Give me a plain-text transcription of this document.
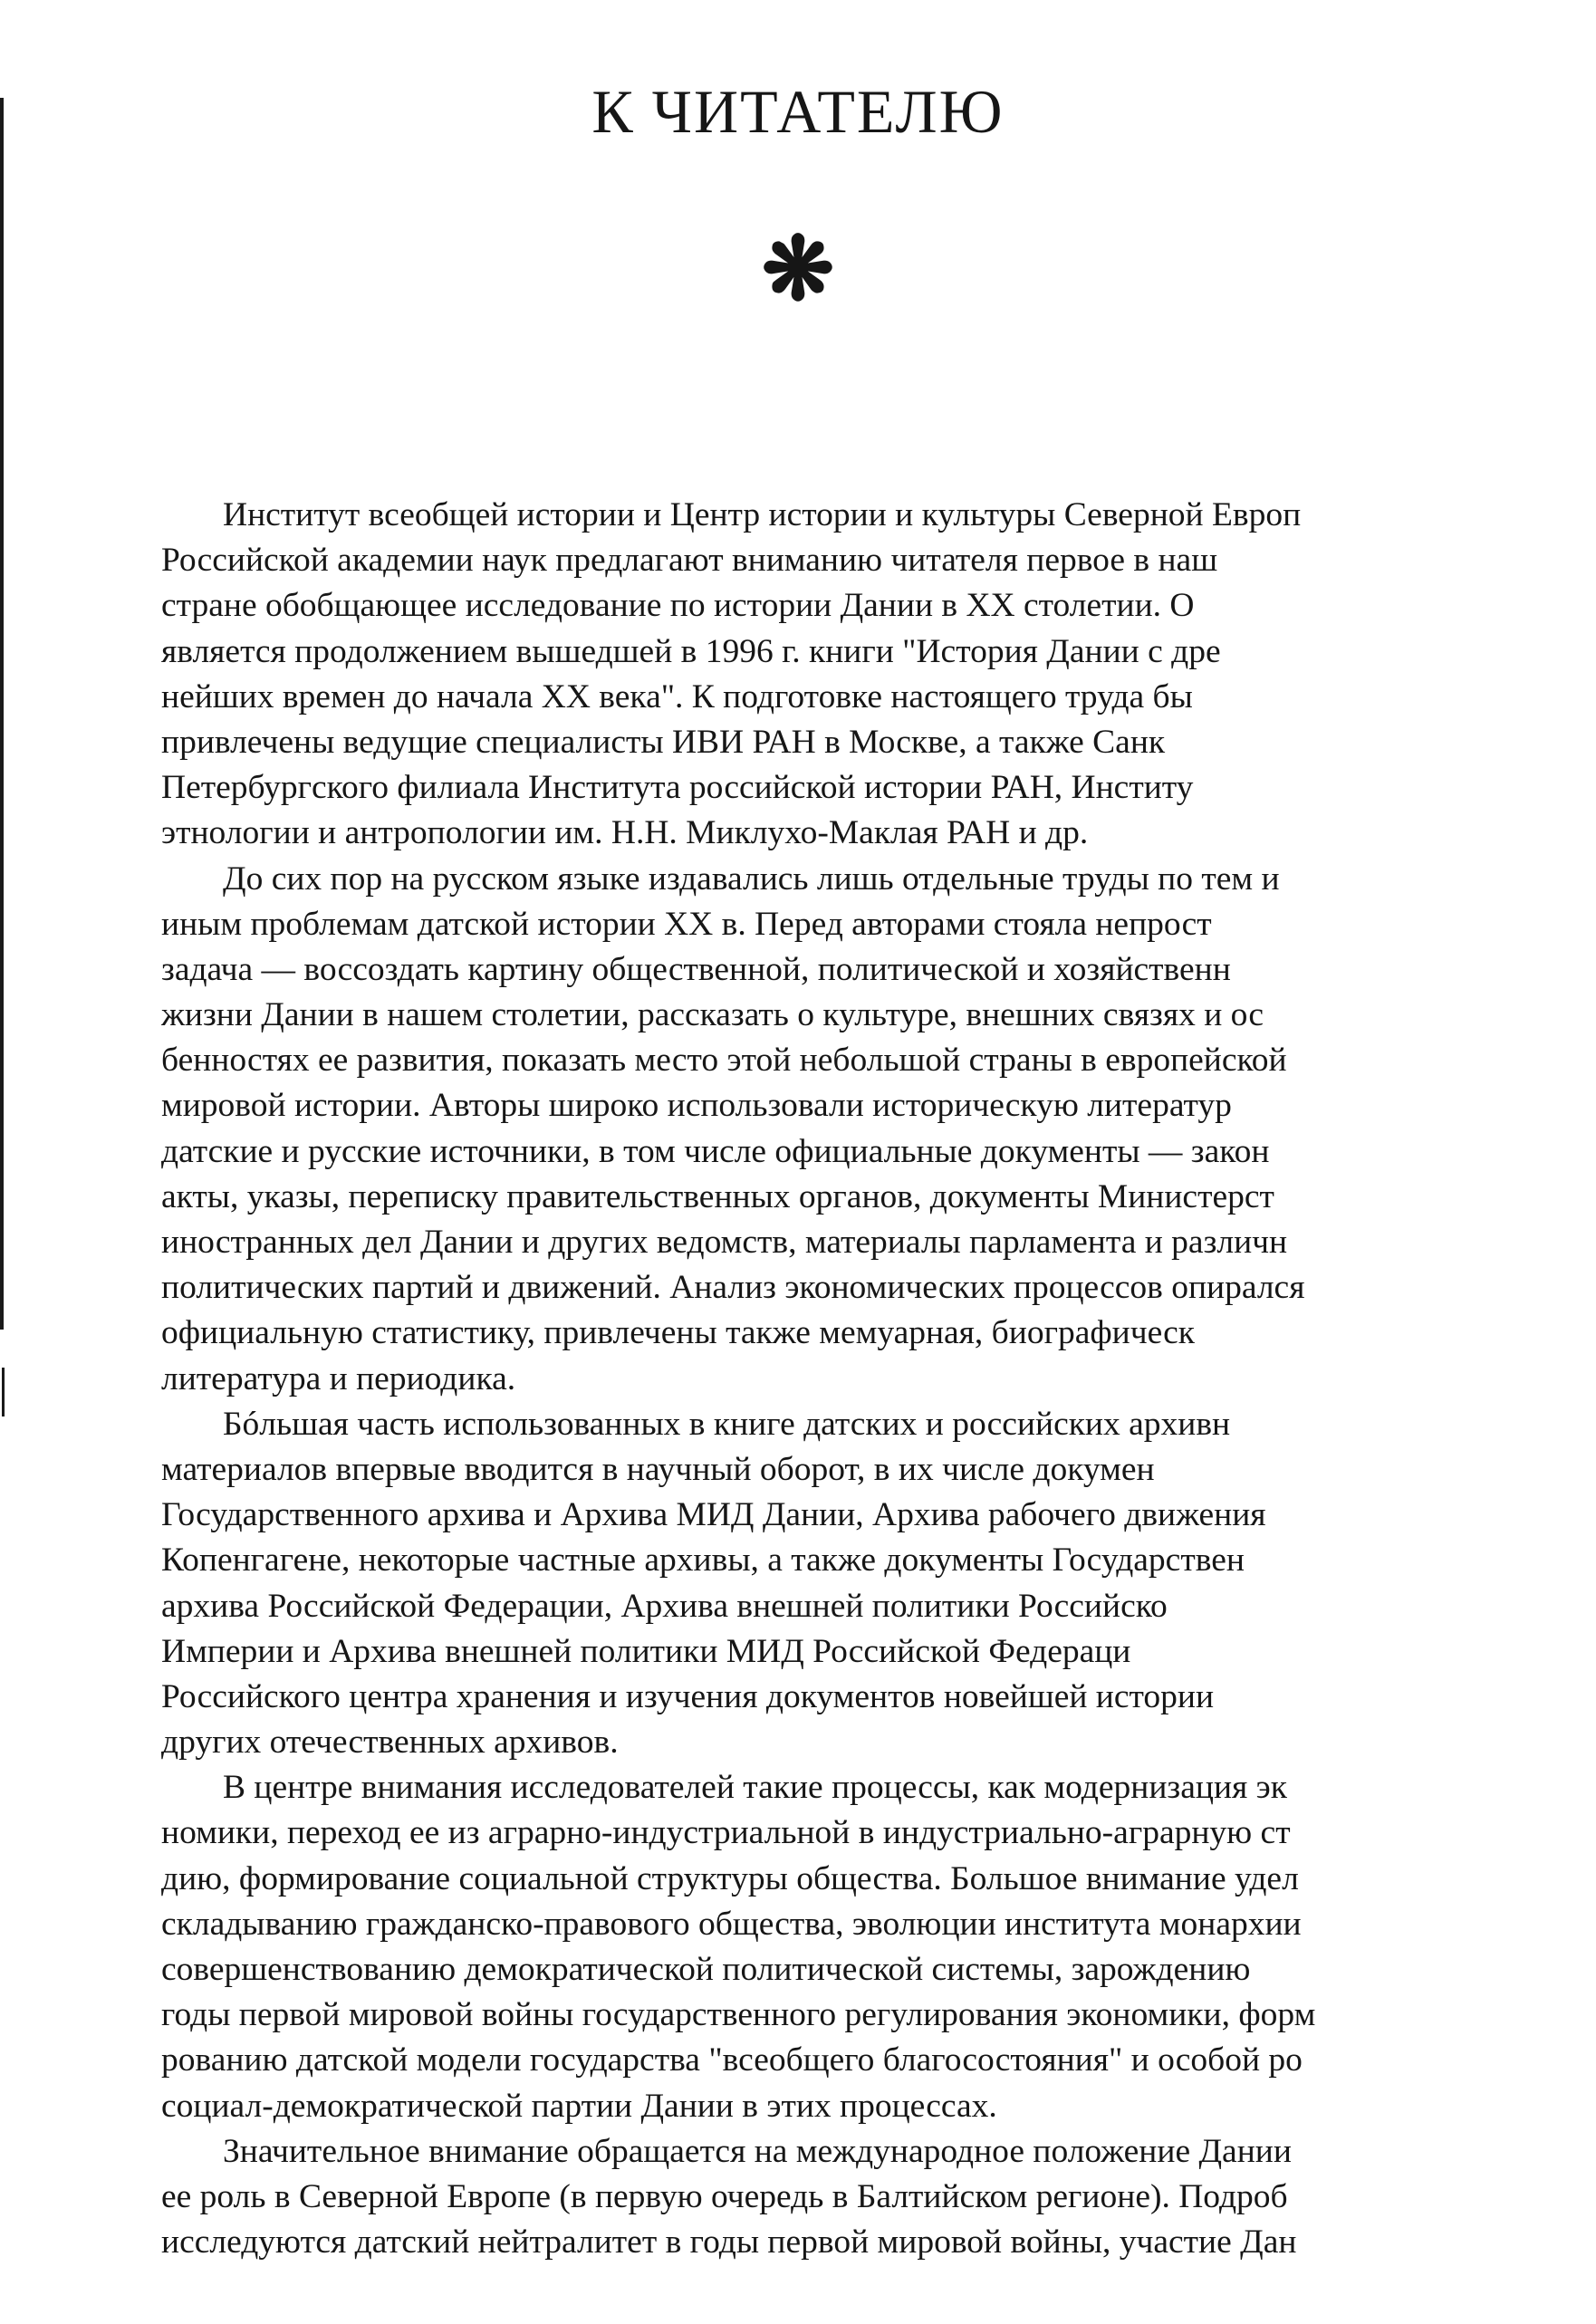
К ЧИТАТЕЛЮ
❋
Институт всеобщей истории и Центр истории и культуры Северной Европ
Российской академии наук предлагают вниманию читателя первое в наш
стране обобщающее исследование по истории Дании в XX столетии. О
является продолжением вышедшей в 1996 г. книги "История Дании с дре
нейших времен до начала XX века". К подготовке настоящего труда бы
привлечены ведущие специалисты ИВИ РАН в Москве, а также Санк
Петербургского филиала Института российской истории РАН, Институ
этнологии и антропологии им. Н.Н. Миклухо-Маклая РАН и др.
До сих пор на русском языке издавались лишь отдельные труды по тем и
иным проблемам датской истории XX в. Перед авторами стояла непрост
задача — воссоздать картину общественной, политической и хозяйственн
жизни Дании в нашем столетии, рассказать о культуре, внешних связях и ос
бенностях ее развития, показать место этой небольшой страны в европейской
мировой истории. Авторы широко использовали историческую литератур
датские и русские источники, в том числе официальные документы — закон
акты, указы, переписку правительственных органов, документы Министерст
иностранных дел Дании и других ведомств, материалы парламента и различн
политических партий и движений. Анализ экономических процессов опирался
официальную статистику, привлечены также мемуарная, биографическ
литература и периодика.
Бóльшая часть использованных в книге датских и российских архивн
материалов впервые вводится в научный оборот, в их числе докумен
Государственного архива и Архива МИД Дании, Архива рабочего движения
Копенгагене, некоторые частные архивы, а также документы Государствен
архива Российской Федерации, Архива внешней политики Российско
Империи и Архива внешней политики МИД Российской Федераци
Российского центра хранения и изучения документов новейшей истории
других отечественных архивов.
В центре внимания исследователей такие процессы, как модернизация эк
номики, переход ее из аграрно-индустриальной в индустриально-аграрную ст
дию, формирование социальной структуры общества. Большое внимание удел
складыванию гражданско-правового общества, эволюции института монархии
совершенствованию демократической политической системы, зарождению
годы первой мировой войны государственного регулирования экономики, форм
рованию датской модели государства "всеобщего благосостояния" и особой ро
социал-демократической партии Дании в этих процессах.
Значительное внимание обращается на международное положение Дании
ее роль в Северной Европе (в первую очередь в Балтийском регионе). Подроб
исследуются датский нейтралитет в годы первой мировой войны, участие Дан
